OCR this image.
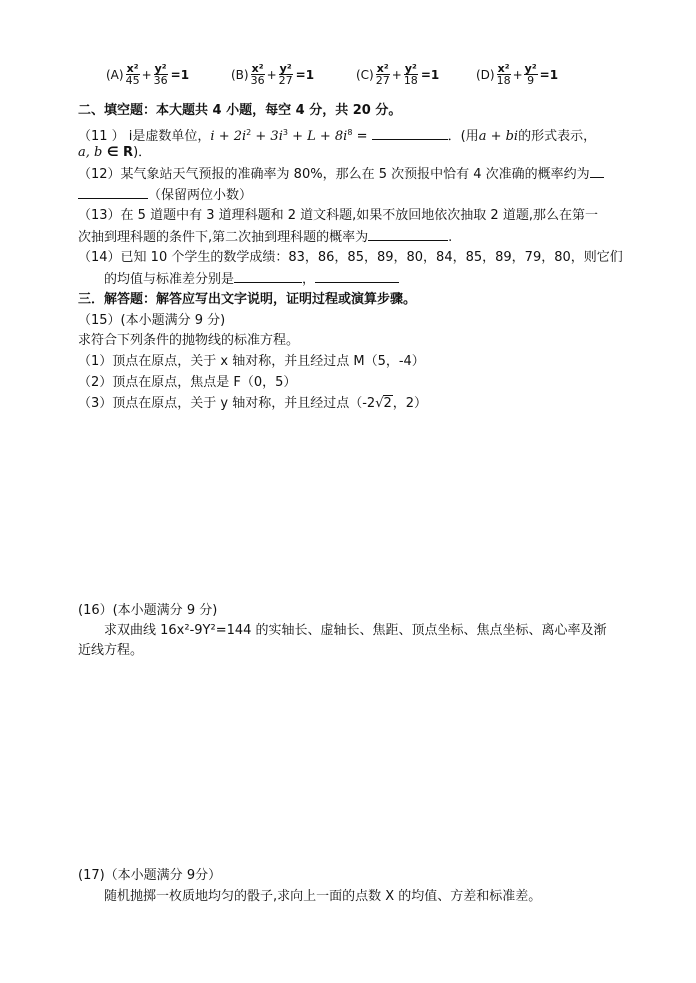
$(A) \frac{\text{x²}}{45} + \frac{\text{y²}}{36} =1$	$(B) \frac{\text{x²}}{36} + \frac{\text{y²}}{27} =1$	$(C) \frac{\text{x²}}{27} + \frac{\text{y²}}{18} =1$	$(D) \frac{\text{x²}}{18} + \frac{\text{y²}}{9} =1$
二、填空题：本大题共 4 小题，每空 4 分，共 20 分。
（11 ） i是虚数单位，$i + 2i^2 + 3i^3 + L + 8i^8$ =	．(用a + bi的形式表示，
a, b ∈ R)．
（12）某气象站天气预报的准确率为 80%，那么在 5 次预报中恰有 4 次准确的概率约为
（保留两位小数）
（13）在 5 道题中有 3 道理科题和 2 道文科题,如果不放回地依次抽取 2 道题,那么在第一
次抽到理科题的条件下,第二次抽到理科题的概率为	.
（14）已知 10 个学生的数学成绩：83，86，85，89，80，84，85，89，79，80，则它们
的均值与标准差分别是	，
三．解答题：解答应写出文字说明，证明过程或演算步骤。
（15）(本小题满分 9 分)
求符合下列条件的抛物线的标准方程。
（1）顶点在原点，关于 x 轴对称，并且经过点 M（5，-4）
（2）顶点在原点，焦点是 F（0，5）
（3）顶点在原点，关于 y 轴对称，并且经过点（-2√2，2）
(16）(本小题满分 9 分)
求双曲线 16x²-9Y²=144 的实轴长、虚轴长、焦距、顶点坐标、焦点坐标、离心率及渐
近线方程。
(17)（本小题满分 9分）
随机抛掷一枚质地均匀的骰子,求向上一面的点数 X 的均值、方差和标准差。
